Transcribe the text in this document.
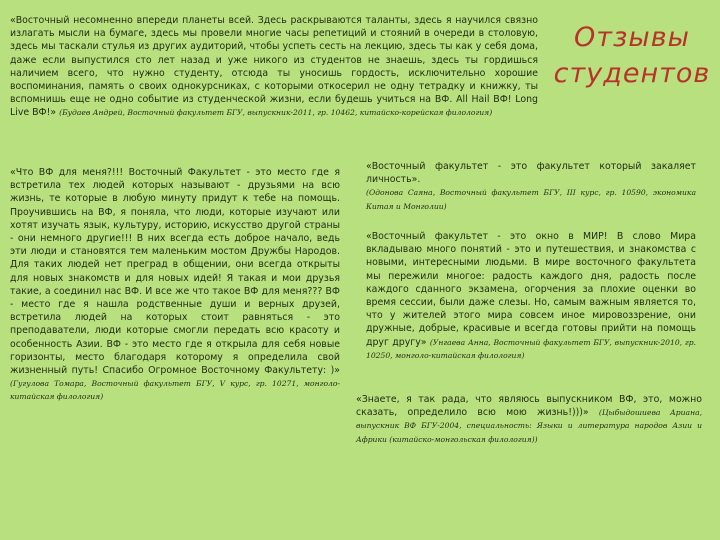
Отзывы
студентов

«Восточный несомненно впереди планеты всей. Здесь раскрываются таланты, здесь я научился связно излагать мысли на бумаге, здесь мы провели многие часы репетиций и стояний в очереди в столовую, здесь мы таскали стулья из других аудиторий, чтобы успеть сесть на лекцию, здесь ты как у себя дома, даже если выпустился сто лет назад и уже никого из студентов не знаешь, здесь ты гордишься наличием всего, что нужно студенту, отсюда ты уносишь гордость, исключительно хорошие воспоминания, память о своих однокурсниках, с которыми откосерил не одну тетрадку и книжку, ты вспомнишь еще не одно событие из студенческой жизни, если будешь учиться на ВФ. All Hail ВФ! Long Live ВФ!» (Будаев Андрей, Восточный факультет БГУ, выпускник-2011, гр. 10462, китайско-корейская филология)

«Что ВФ для меня?!!! Восточный Факультет - это место где я встретила тех людей которых называют - друзьями на всю жизнь, те которые в любую минуту придут к тебе на помощь. Проучившись на ВФ, я поняла, что люди, которые изучают или хотят изучать язык, культуру, историю, искусство другой страны - они немного другие!!! В них всегда есть доброе начало, ведь эти люди и становятся тем маленьким мостом Дружбы Народов. Для таких людей нет преград в общении, они всегда открыты для новых знакомств и для новых идей! Я такая и мои друзья такие, а соединил нас ВФ. И все же что такое ВФ для меня??? ВФ - место где я нашла родственные души и верных друзей, встретила людей на которых стоит равняться - это преподаватели, люди которые смогли передать всю красоту и особенность Азии. ВФ - это место где я открыла для себя новые горизонты, место благодаря которому я определила свой жизненный путь! Спасибо Огромное Восточному Факультету: )» (Гугулова Томара, Восточный факультет БГУ, V курс, гр. 10271, монголо-китайская филология)

«Восточный факультет - это факультет который закаляет личность».
(Одонова Саяна, Восточный факультет БГУ, III курс, гр. 10590, экономика Китая и Монголии)

«Восточный факультет - это окно в МИР! В слово Мира вкладываю много понятий - это и путешествия, и знакомства с новыми, интересными людьми. В мире восточного факультета мы пережили многое: радость каждого дня, радость после каждого сданного экзамена, огорчения за плохие оценки во время сессии, были даже слезы. Но, самым важным является то, что у жителей этого мира совсем иное мировоззрение, они дружные, добрые, красивые и всегда готовы прийти на помощь друг другу» (Унгаева Анна, Восточный факультет БГУ, выпускник-2010, гр. 10250, монголо-китайская филология)

«Знаете, я так рада, что являюсь выпускником ВФ, это, можно сказать, определило всю мою жизнь!)))» (Цыбыдошиева Ариана, выпускник ВФ БГУ-2004, специальность: Языки и литература народов Азии и Африки (китайско-монгольская филология))
